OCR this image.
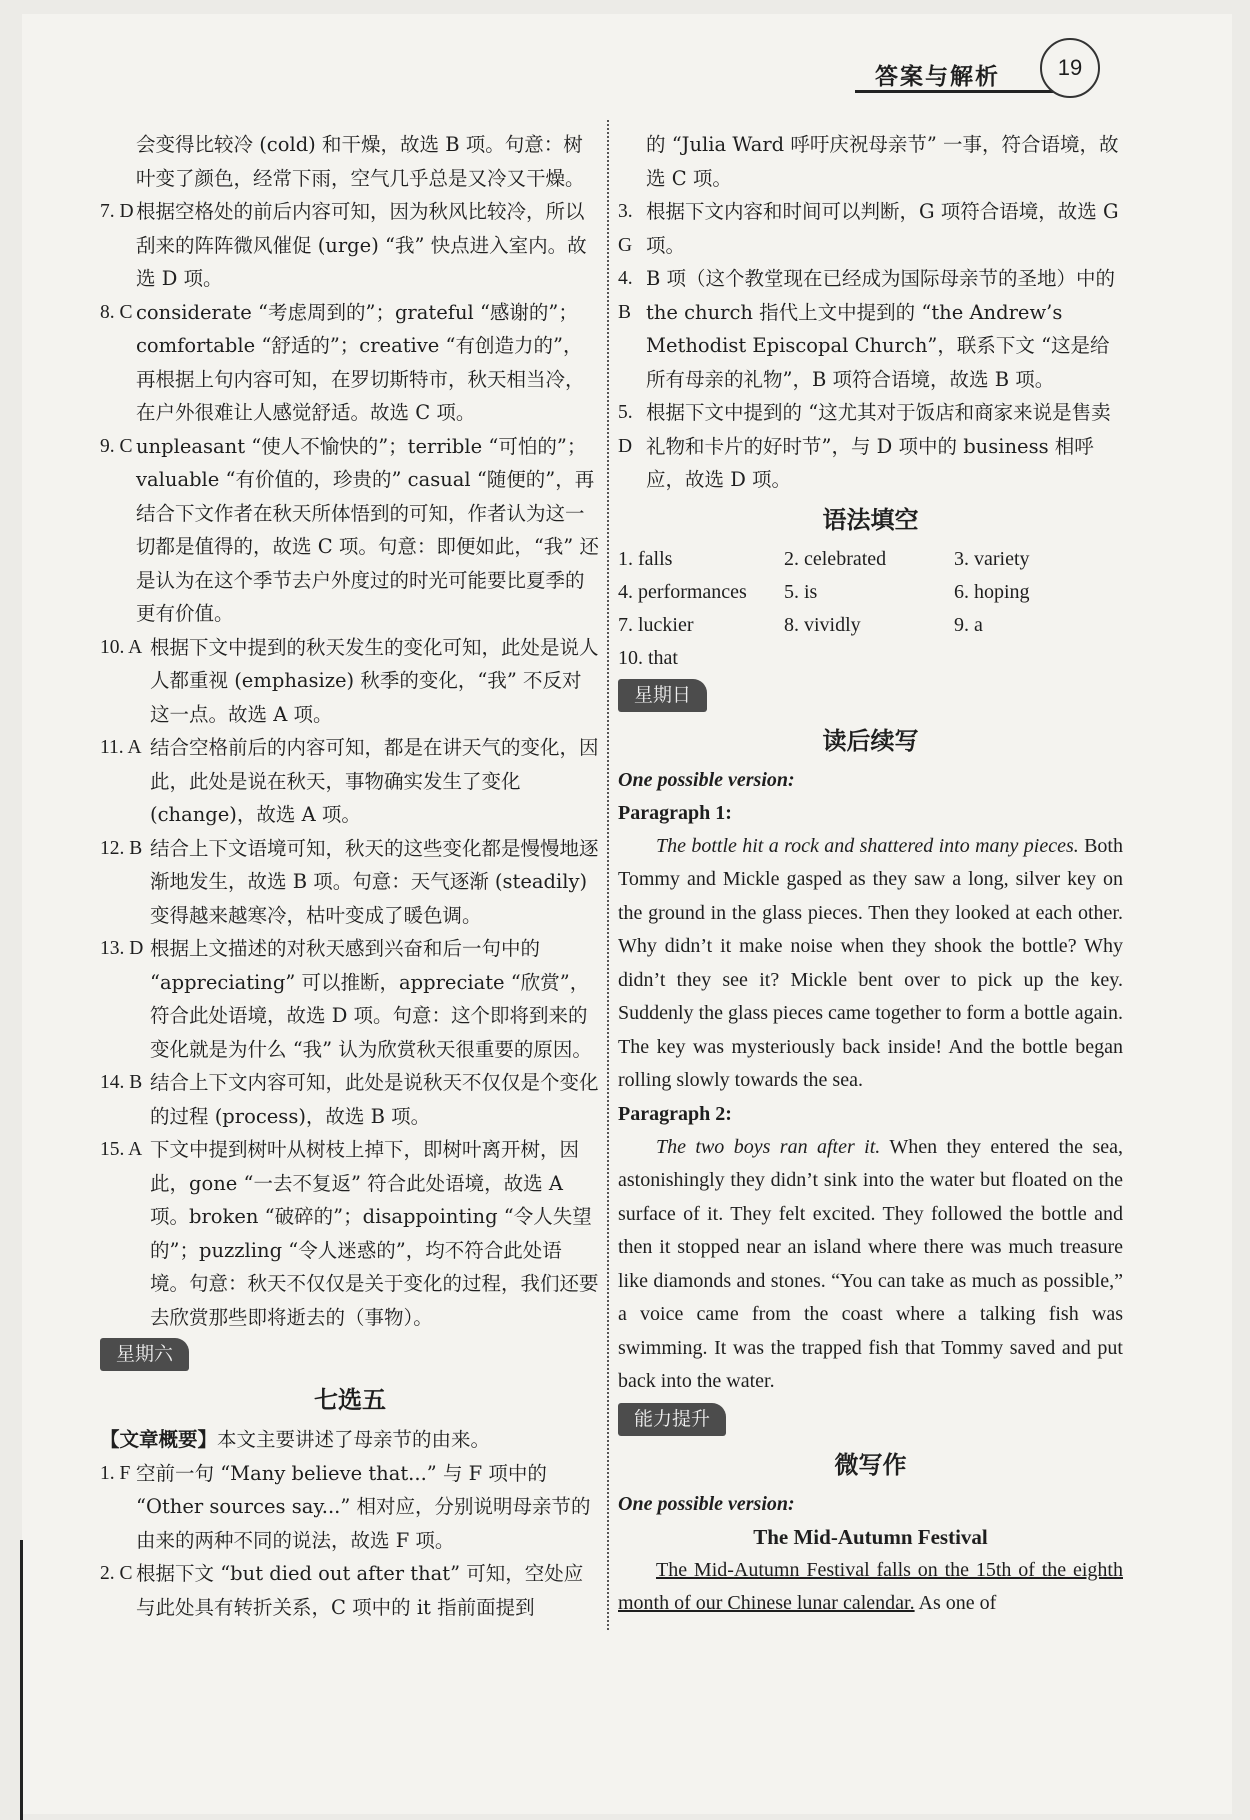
答案与解析	19
会变得比较冷 (cold) 和干燥，故选 B 项。句意：树叶变了颜色，经常下雨，空气几乎总是又冷又干燥。
7. D 根据空格处的前后内容可知，因为秋风比较冷，所以刮来的阵阵微风催促 (urge) “我” 快点进入室内。故选 D 项。
8. C considerate “考虑周到的”；grateful “感谢的”；comfortable “舒适的”；creative “有创造力的”，再根据上句内容可知，在罗切斯特市，秋天相当冷，在户外很难让人感觉舒适。故选 C 项。
9. C unpleasant “使人不愉快的”；terrible “可怕的”；valuable “有价值的，珍贵的” casual “随便的”，再结合下文作者在秋天所体悟到的可知，作者认为这一切都是值得的，故选 C 项。句意：即便如此，“我” 还是认为在这个季节去户外度过的时光可能要比夏季的更有价值。
10. A 根据下文中提到的秋天发生的变化可知，此处是说人人都重视 (emphasize) 秋季的变化，“我” 不反对这一点。故选 A 项。
11. A 结合空格前后的内容可知，都是在讲天气的变化，因此，此处是说在秋天，事物确实发生了变化 (change)，故选 A 项。
12. B 结合上下文语境可知，秋天的这些变化都是慢慢地逐渐地发生，故选 B 项。句意：天气逐渐 (steadily) 变得越来越寒冷，枯叶变成了暖色调。
13. D 根据上文描述的对秋天感到兴奋和后一句中的 “appreciating” 可以推断，appreciate “欣赏”，符合此处语境，故选 D 项。句意：这个即将到来的变化就是为什么 “我” 认为欣赏秋天很重要的原因。
14. B 结合上下文内容可知，此处是说秋天不仅仅是个变化的过程 (process)，故选 B 项。
15. A 下文中提到树叶从树枝上掉下，即树叶离开树，因此，gone “一去不复返” 符合此处语境，故选 A 项。broken “破碎的”；disappointing “令人失望的”；puzzling “令人迷惑的”，均不符合此处语境。句意：秋天不仅仅是关于变化的过程，我们还要去欣赏那些即将逝去的（事物）。
星期六
七选五
【文章概要】本文主要讲述了母亲节的由来。
1. F 空前一句 “Many believe that...” 与 F 项中的 “Other sources say...” 相对应，分别说明母亲节的由来的两种不同的说法，故选 F 项。
2. C 根据下文 “but died out after that” 可知，空处应与此处具有转折关系，C 项中的 it 指前面提到
的 “Julia Ward 呼吁庆祝母亲节” 一事，符合语境，故选 C 项。
3. G
根据下文内容和时间可以判断，G 项符合语境，故选 G 项。
4. B
B 项（这个教堂现在已经成为国际母亲节的圣地）中的 the church 指代上文中提到的 “the Andrew’s Methodist Episcopal Church”，联系下文 “这是给所有母亲的礼物”，B 项符合语境，故选 B 项。
5. D
根据下文中提到的 “这尤其对于饭店和商家来说是售卖礼物和卡片的好时节”，与 D 项中的 business 相呼应，故选 D 项。
语法填空
1. falls	2. celebrated	3. variety
4. performances	5. is	6. hoping
7. luckier	8. vividly	9. a
10. that
星期日
读后续写
One possible version:
Paragraph 1:
The bottle hit a rock and shattered into many pieces. Both Tommy and Mickle gasped as they saw a long, silver key on the ground in the glass pieces. Then they looked at each other. Why didn’t it make noise when they shook the bottle? Why didn’t they see it? Mickle bent over to pick up the key. Suddenly the glass pieces came together to form a bottle again. The key was mysteriously back inside! And the bottle began rolling slowly towards the sea.
Paragraph 2:
The two boys ran after it. When they entered the sea, astonishingly they didn’t sink into the water but floated on the surface of it. They felt excited. They followed the bottle and then it stopped near an island where there was much treasure like diamonds and stones. “You can take as much as possible,” a voice came from the coast where a talking fish was swimming. It was the trapped fish that Tommy saved and put back into the water.
能力提升
微写作
One possible version:
The Mid-Autumn Festival
The Mid-Autumn Festival falls on the 15th of the eighth month of our Chinese lunar calendar. As one of
